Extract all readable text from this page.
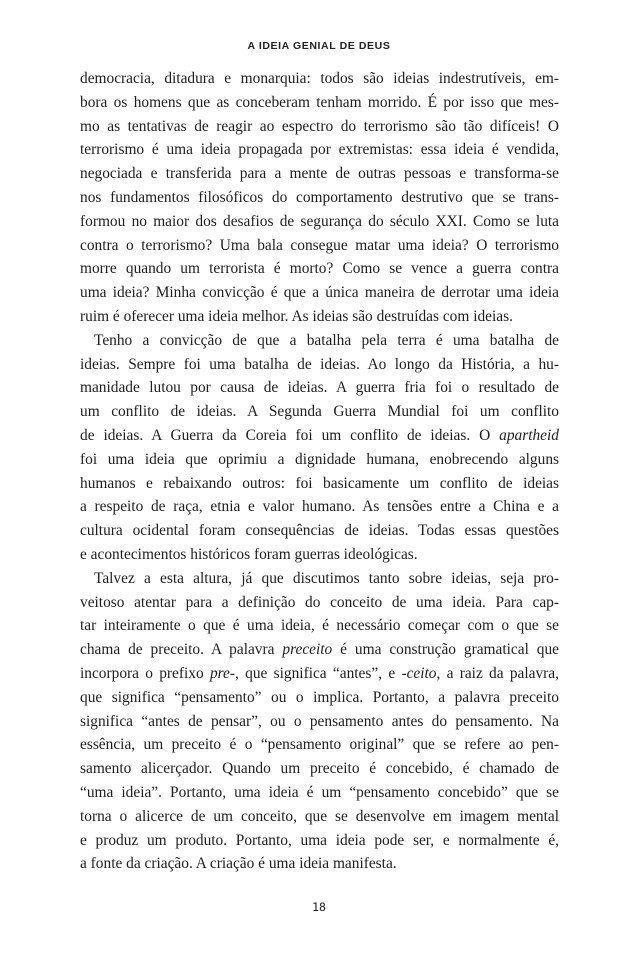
A IDEIA GENIAL DE DEUS
democracia, ditadura e monarquia: todos são ideias indestrutíveis, em-
bora os homens que as conceberam tenham morrido. É por isso que mes-
mo as tentativas de reagir ao espectro do terrorismo são tão difíceis! O
terrorismo é uma ideia propagada por extremistas: essa ideia é vendida,
negociada e transferida para a mente de outras pessoas e transforma-se
nos fundamentos filosóficos do comportamento destrutivo que se trans-
formou no maior dos desafios de segurança do século XXI. Como se luta
contra o terrorismo? Uma bala consegue matar uma ideia? O terrorismo
morre quando um terrorista é morto? Como se vence a guerra contra
uma ideia? Minha convicção é que a única maneira de derrotar uma ideia
ruim é oferecer uma ideia melhor. As ideias são destruídas com ideias.
Tenho a convicção de que a batalha pela terra é uma batalha de
ideias. Sempre foi uma batalha de ideias. Ao longo da História, a hu-
manidade lutou por causa de ideias. A guerra fria foi o resultado de
um conflito de ideias. A Segunda Guerra Mundial foi um conflito
de ideias. A Guerra da Coreia foi um conflito de ideias. O apartheid
foi uma ideia que oprimiu a dignidade humana, enobrecendo alguns
humanos e rebaixando outros: foi basicamente um conflito de ideias
a respeito de raça, etnia e valor humano. As tensões entre a China e a
cultura ocidental foram consequências de ideias. Todas essas questões
e acontecimentos históricos foram guerras ideológicas.
Talvez a esta altura, já que discutimos tanto sobre ideias, seja pro-
veitoso atentar para a definição do conceito de uma ideia. Para cap-
tar inteiramente o que é uma ideia, é necessário começar com o que se
chama de preceito. A palavra preceito é uma construção gramatical que
incorpora o prefixo pre-, que significa “antes”, e -ceito, a raiz da palavra,
que significa “pensamento” ou o implica. Portanto, a palavra preceito
significa “antes de pensar”, ou o pensamento antes do pensamento. Na
essência, um preceito é o “pensamento original” que se refere ao pen-
samento alicerçador. Quando um preceito é concebido, é chamado de
“uma ideia”. Portanto, uma ideia é um “pensamento concebido” que se
torna o alicerce de um conceito, que se desenvolve em imagem mental
e produz um produto. Portanto, uma ideia pode ser, e normalmente é,
a fonte da criação. A criação é uma ideia manifesta.
18
